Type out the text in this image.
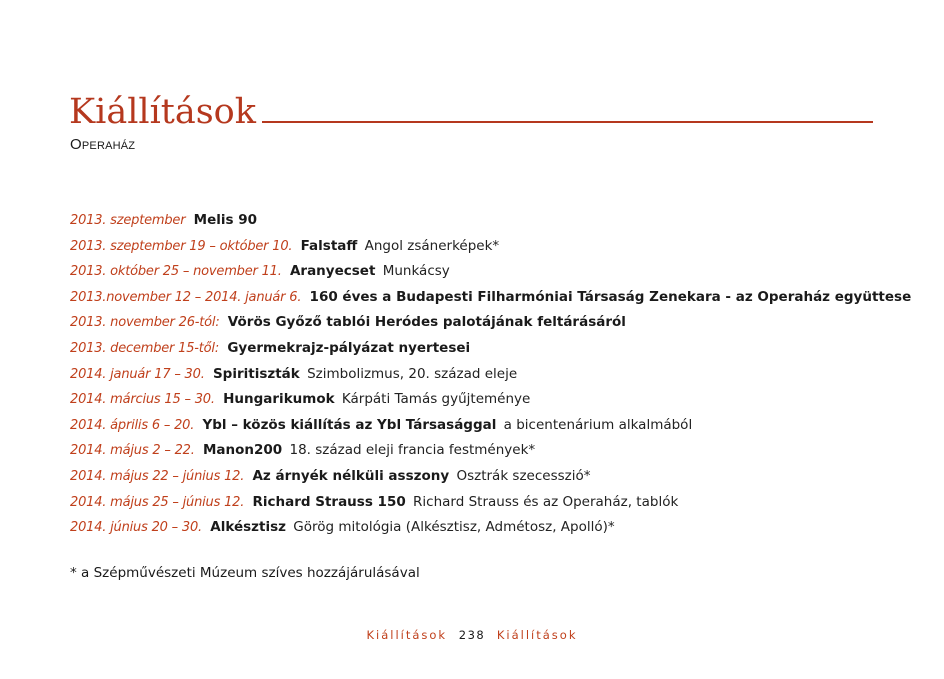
Kiállítások
Operaház
2013. szeptember Melis 90
2013. szeptember 19 – október 10. Falstaff Angol zsánerképek*
2013. október 25 – november 11. Aranyecset Munkácsy
2013.november 12 – 2014. január 6. 160 éves a Budapesti Filharmóniai Társaság Zenekara - az Operaház együttese
2013. november 26-tól: Vörös Győző tablói Heródes palotájának feltárásáról
2013. december 15-től: Gyermekrajz-pályázat nyertesei
2014. január 17 – 30. Spiritiszták Szimbolizmus, 20. század eleje
2014. március 15 – 30. Hungarikumok Kárpáti Tamás gyűjteménye
2014. április 6 – 20. Ybl – közös kiállítás az Ybl Társasággal a bicentenárium alkalmából
2014. május 2 – 22. Manon200 18. század eleji francia festmények*
2014. május 22 – június 12. Az árnyék nélküli asszony Osztrák szecesszió*
2014. május 25 – június 12. Richard Strauss 150 Richard Strauss és az Operaház, tablók
2014. június 20 – 30. Alkésztisz Görög mitológia (Alkésztisz, Admétosz, Apolló)*
* a Szépművészeti Múzeum szíves hozzájárulásával
Kiállítások 238 Kiállítások
